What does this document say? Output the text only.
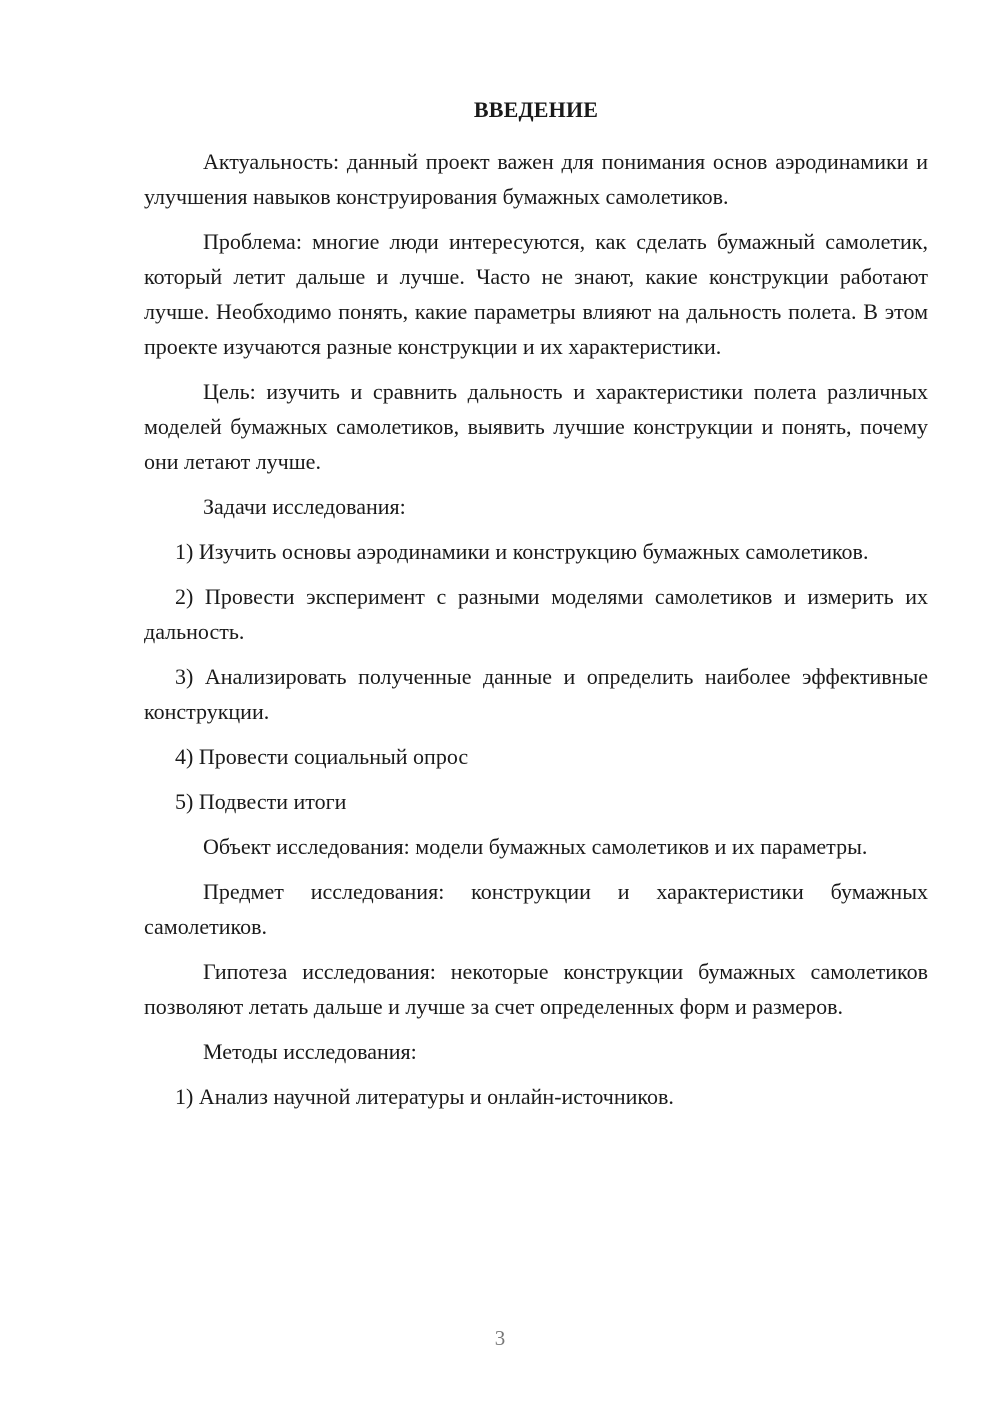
ВВЕДЕНИЕ

Актуальность: данный проект важен для понимания основ аэродинамики и улучшения навыков конструирования бумажных самолетиков.

Проблема: многие люди интересуются, как сделать бумажный самолетик, который летит дальше и лучше. Часто не знают, какие конструкции работают лучше. Необходимо понять, какие параметры влияют на дальность полета. В этом проекте изучаются разные конструкции и их характеристики.

Цель: изучить и сравнить дальность и характеристики полета различных моделей бумажных самолетиков, выявить лучшие конструкции и понять, почему они летают лучше.

Задачи исследования:

1) Изучить основы аэродинамики и конструкцию бумажных самолетиков.

2) Провести эксперимент с разными моделями самолетиков и измерить их дальность.

3) Анализировать полученные данные и определить наиболее эффективные конструкции.

4) Провести социальный опрос

5) Подвести итоги

Объект исследования: модели бумажных самолетиков и их параметры.

Предмет исследования: конструкции и характеристики бумажных самолетиков.

Гипотеза исследования: некоторые конструкции бумажных самолетиков позволяют летать дальше и лучше за счет определенных форм и размеров.

Методы исследования:

1) Анализ научной литературы и онлайн-источников.

3
